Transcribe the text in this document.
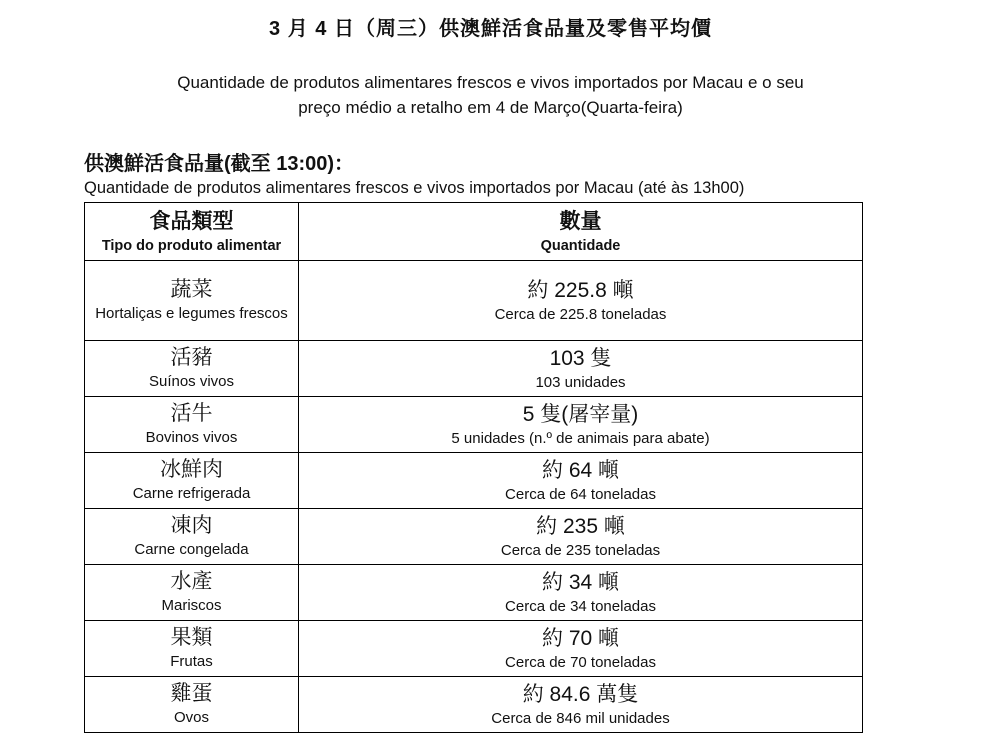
3 月 4 日（周三）供澳鮮活食品量及零售平均價
Quantidade de produtos alimentares frescos e vivos importados por Macau e o seu
preço médio a retalho em 4 de Março(Quarta-feira)
供澳鮮活食品量(截至 13:00)：
Quantidade de produtos alimentares frescos e vivos importados por Macau (até às 13h00)
食品類型
Tipo do produto alimentar	數量
Quantidade

蔬菜
Hortaliças e legumes frescos	約 225.8 噸
Cerca de 225.8 toneladas

活豬
Suínos vivos	103 隻
103 unidades

活牛
Bovinos vivos	5 隻(屠宰量)
5 unidades (n.º de animais para abate)

冰鮮肉
Carne refrigerada	約 64 噸
Cerca de 64 toneladas

凍肉
Carne congelada	約 235 噸
Cerca de 235 toneladas

水產
Mariscos	約 34 噸
Cerca de 34 toneladas

果類
Frutas	約 70 噸
Cerca de 70 toneladas

雞蛋
Ovos	約 84.6 萬隻
Cerca de 846 mil unidades
